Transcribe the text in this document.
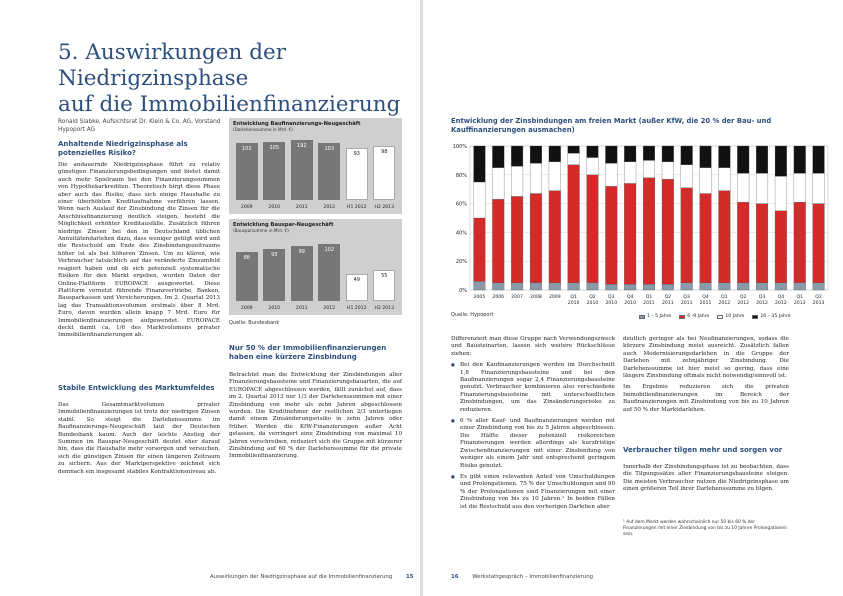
5. Auswirkungen der Niedrigzinsphase
auf die Immobilienfinanzierung
Ronald Slabke, Aufsichtsrat Dr. Klein & Co. AG, Vorstand
Hypoport AG
Anhaltende Niedrigzinsphase als potenzielles Risiko?
Die andauernde Niedrigzinsphase führt zu relativ günstigen Finanzierungsbedingungen und bietet damit auch mehr Spielraum bei den Finanzierungssummen von Hypothekarkrediten. Theoretisch birgt diese Phase aber auch das Risiko, dass sich einige Haushalte zu einer überhöhten Kreditaufnahme verführen lassen. Wenn nach Auslauf der Zinsbindung die Zinsen für die Anschlussfinanzierung deutlich steigen, besteht die Möglichkeit erhöhter Kreditausfälle. Zusätzlich führen niedrige Zinsen bei den in Deutschland üblichen Annuitätendarlehen dazu, dass weniger getilgt wird und die Restschuld am Ende des Zinsbindungszeitraums höher ist als bei höheren Zinsen. Um zu klären, wie Verbraucher tatsächlich auf das veränderte Zinsumfeld reagiert haben und ob sich potenziell systematische Risiken für den Markt ergeben, wurden Daten der Online-Plattform EUROPACE ausgewertet. Diese Plattform vernetzt führende Finanzvertriebe, Banken, Bausparkassen und Versicherungen. Im 2. Quartal 2013 lag das Transaktionsvolumen erstmals über 8 Mrd. Euro, davon wurden allein knapp 7 Mrd. Euro für Immobilienfinanzierungen aufgewendet. EUROPACE deckt damit ca. 1/6 des Marktvolumens privater Immobilienfinanzierungen ab.
Stabile Entwicklung des Marktumfeldes
Das Gesamtmarktvolumen privater Immobilienfinanzierungen ist trotz der niedrigen Zinsen stabil. So steigt die Darlehenssumme im Baufinanzierungs-Neugeschäft laut der Deutschen Bundesbank kaum. Auch der leichte Anstieg der Summen im Bauspar-Neugeschäft deutet eher darauf hin, dass die Haushalte mehr vorsorgen und versuchen, sich die günstigen Zinsen für einen längeren Zeitraum zu sichern. Aus der Marktperspektive zeichnet sich demnach ein insgesamt stabiles Kontraktionsniveau ab.
Entwicklung Baufinanzierungs-Neugeschäft
(Darlehenssumme in Mrd. €)
102
2009
105
2010
192
2011
103
2012
93
H1 2012
98
H2 2013
Entwicklung Bauspar-Neugeschäft
(Bausparsumme in Mrd. €)
88
2009
93
2010
99
2011
102
2012
49
H1 2012
55
H2 2013
Quelle: Bundesbank
Nur 50 % der Immobilienfinanzierungen haben eine kürzere Zinsbindung
Betrachtet man die Entwicklung der Zinsbindungen aller Finanzierungsbausteine und Finanzierungsbauarten, die auf EUROPACE abgeschlossen werden, fällt zunächst auf, dass im 2. Quartal 2013 nur 1/3 der Darlehenssummen mit einer Zinsbindung von mehr als zehn Jahren abgeschlossen wurden. Die Kreditnehmer der restlichen 2/3 unterliegen damit einem Zinsänderungsrisiko in zehn Jahren oder früher. Werden die KfW-Finanzierungen außer Acht gelassen, da verringert eine Zinsbindung von maximal 10 Jahren vorschreiben, reduziert sich die Gruppe mit kürzerer Zinsbindung auf 60 % der Darlehenssumme für die private Immobilienfinanzierung.
Auswirkungen der Niedrigzinsphase auf die Immobilienfinanzierung	15
Entwicklung der Zinsbindungen am freien Markt (außer KfW, die 20 % der Bau- und Kauffinanzierungen ausmachen)
0%
20%
40%
60%
80%
100%
2005 2006 2007 2008 2009 Q1
2010
Q2
2010
Q3
2010
Q4
2010
Q1
2011
Q2
2011
Q3
2011
Q4
2011
Q1
2012
Q2
2012
Q3
2012
Q4
2012
Q1
2013
Q2
2013
1 – 5 Jahre	6 -9 Jahre	10 Jahre	16 – 35 Jahre
Quelle: Hypoport

Differenziert man diese Gruppe nach Verwendungszweck und Bausteinarten, lassen sich weitere Rückschlüsse ziehen:

● Bei den Kaufinanzierungen werden im Durchschnitt 1,8 Finanzierungsbausteine und bei den Baufinanzierungen sogar 2,4 Finanzierungsbausteine genutzt. Verbraucher kombinieren also verschiedene Finanzierungsbausteine mit unterschiedlichen Zinsbindungen, um das Zinsänderungsrisiko zu reduzieren.
● 6 % aller Kauf- und Baufinanzierungen werden mit einer Zinsbindung von bis zu 5 Jahren abgeschlossen. Die Hälfte dieser potenziell risikoreichen Finanzierungen werden allerdings als kurzfristige Zwischenfinanzierungen mit einer Zinsbindung von weniger als einem Jahr und entsprechend geringem Risiko genutzt.
● Es gibt einen relevanten Anteil von Umschuldungen und Prolongationen. 75 % der Umschuldungen und 90 % der Prolongationen sind Finanzierungen mit einer Zinsbindung von bis zu 10 Jahren.¹ In beiden Fällen ist die Restschuld aus den vorherigen Darlehen aber

deutlich geringer als bei Neufinanzierungen, sodass die kürzere Zinsbindung meist ausreicht. Zusätzlich fallen auch Modernisierungsdarlehen in die Gruppe der Darlehen mit zehnjähriger Zinsbindung. Die Darlehenssumme ist hier meist so gering, dass eine längere Zinsbindung oftmals nicht notwendig/sinnvoll ist.

Im Ergebnis reduzieren sich die privaten Immobilienfinanzierungen im Bereich der Baufinanzierungen mit Zinsbindung von bis zu 10 Jahren auf 50 % der Marktdarlehen.

Verbraucher tilgen mehr und sorgen vor
Innerhalb der Zinsbindungsphase ist zu beobachten, dass die Tilgungssätze aller Finanzierungsbausteine steigen. Die meisten Verbraucher nutzen die Niedrigzinsphase um einen größeren Teil ihrer Darlehenssumme zu tilgen.
¹ Auf dem Markt werden wahrscheinlich nur 50 bis 60 % der Finanzierungen mit einer Zinsbindung von bis zu 10 Jahren Prolongationen sein.
16	Werkstattgespräch – Immobilienfinanzierung
